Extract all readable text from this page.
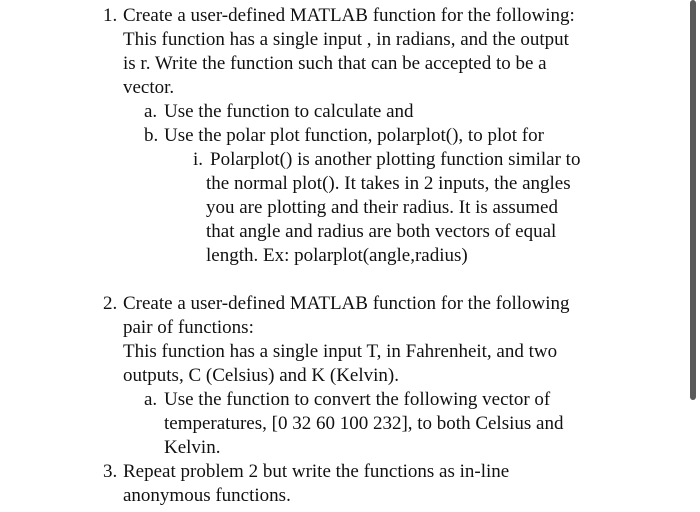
1. Create a user-defined MATLAB function for the following:
This function has a single input , in radians, and the output
is r. Write the function such that can be accepted to be a
vector.
a. Use the function to calculate and
b. Use the polar plot function, polarplot(), to plot for
i. Polarplot() is another plotting function similar to
the normal plot(). It takes in 2 inputs, the angles
you are plotting and their radius. It is assumed
that angle and radius are both vectors of equal
length. Ex: polarplot(angle,radius)
2. Create a user-defined MATLAB function for the following
pair of functions:
This function has a single input T, in Fahrenheit, and two
outputs, C (Celsius) and K (Kelvin).
a. Use the function to convert the following vector of
temperatures, [0 32 60 100 232], to both Celsius and
Kelvin.
3. Repeat problem 2 but write the functions as in-line
anonymous functions.
